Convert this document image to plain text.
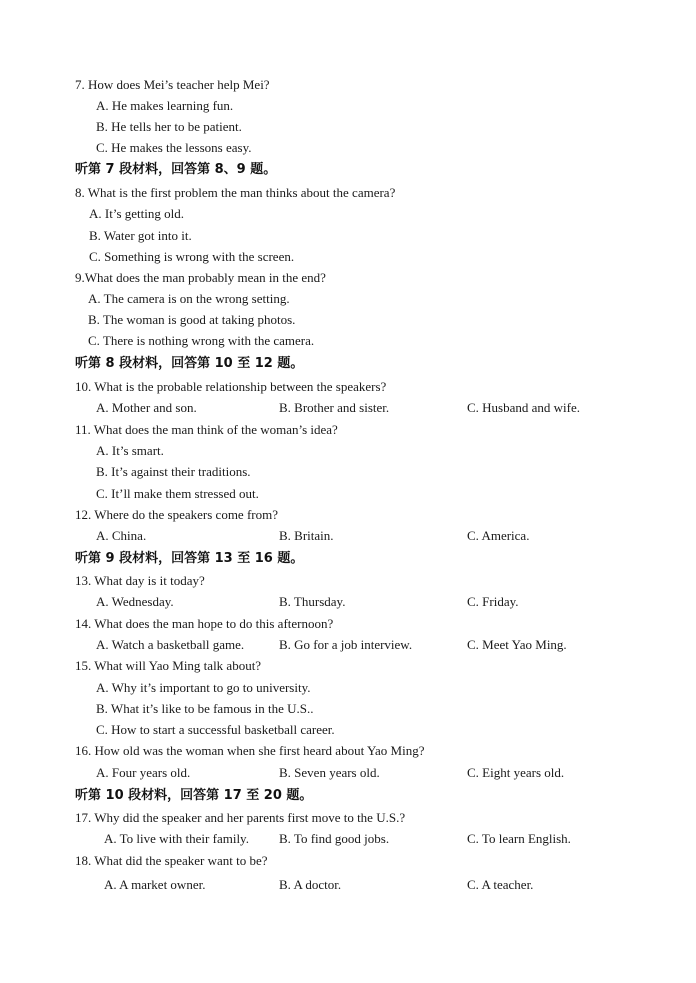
7. How does Mei’s teacher help Mei?
A. He makes learning fun.
B. He tells her to be patient.
C. He makes the lessons easy.
听第 7 段材料，回答第 8、9 题。
8. What is the first problem the man thinks about the camera?
A. It’s getting old.
B. Water got into it.
C. Something is wrong with the screen.
9.What does the man probably mean in the end?
A. The camera is on the wrong setting.
B. The woman is good at taking photos.
C. There is nothing wrong with the camera.
听第 8 段材料，回答第 10 至 12 题。
10. What is the probable relationship between the speakers?
A. Mother and son.	B. Brother and sister.	C. Husband and wife.
11. What does the man think of the woman’s idea?
A. It’s smart.
B. It’s against their traditions.
C. It’ll make them stressed out.
12. Where do the speakers come from?
A. China.	B. Britain.	C. America.
听第 9 段材料，回答第 13 至 16 题。
13. What day is it today?
A. Wednesday.	B. Thursday.	C. Friday.
14. What does the man hope to do this afternoon?
A. Watch a basketball game.	B. Go for a job interview.	C. Meet Yao Ming.
15. What will Yao Ming talk about?
A. Why it’s important to go to university.
B. What it’s like to be famous in the U.S..
C. How to start a successful basketball career.
16. How old was the woman when she first heard about Yao Ming?
A. Four years old.	B. Seven years old.	C. Eight years old.
听第 10 段材料，回答第 17 至 20 题。
17. Why did the speaker and her parents first move to the U.S.?
A. To live with their family. B. To find good jobs.	C. To learn English.
18. What did the speaker want to be?
A. A market owner.	B. A doctor.	C. A teacher.
